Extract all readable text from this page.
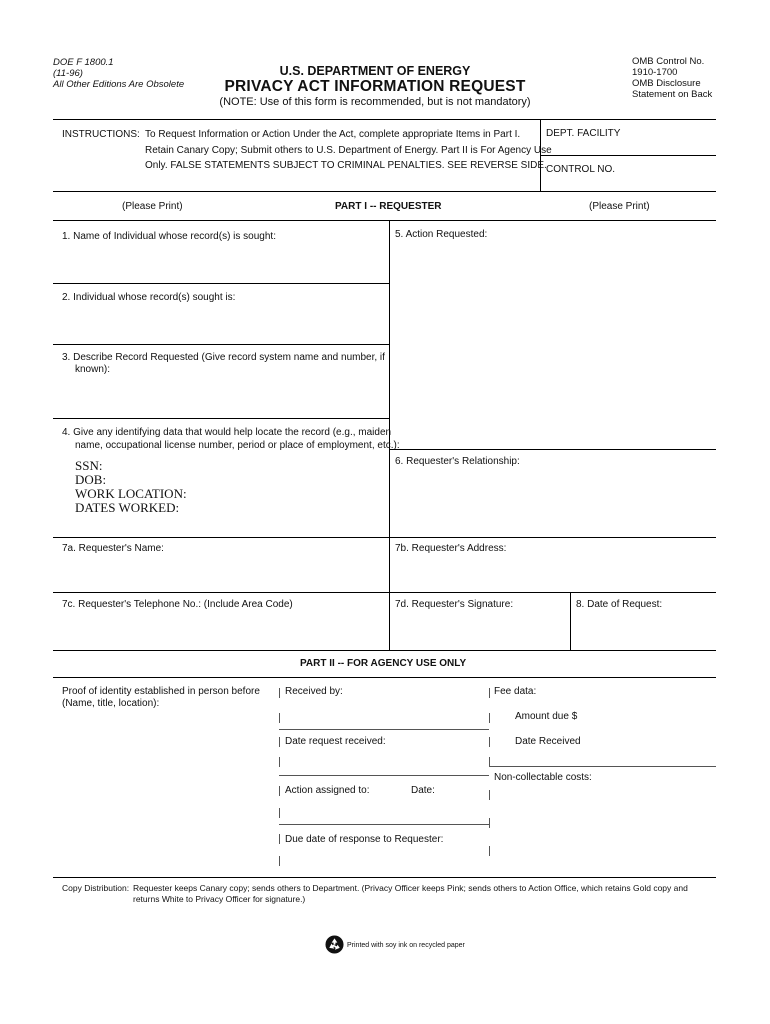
DOE F 1800.1
(11-96)
All Other Editions Are Obsolete
U.S. DEPARTMENT OF ENERGY
PRIVACY ACT INFORMATION REQUEST
(NOTE: Use of this form is recommended, but is not mandatory)
OMB Control No.
1910-1700
OMB Disclosure
Statement on Back
INSTRUCTIONS: To Request Information or Action Under the Act, complete appropriate Items in Part I.
Retain Canary Copy; Submit others to U.S. Department of Energy. Part II is For Agency Use
Only. FALSE STATEMENTS SUBJECT TO CRIMINAL PENALTIES. SEE REVERSE SIDE.
DEPT. FACILITY
CONTROL NO.
(Please Print)	PART I -- REQUESTER	(Please Print)
1. Name of Individual whose record(s) is sought:
2. Individual whose record(s) sought is:
3. Describe Record Requested (Give record system name and number, if
known):
4. Give any identifying data that would help locate the record (e.g., maiden
name, occupational license number, period or place of employment, etc.):
SSN:
DOB:
WORK LOCATION:
DATES WORKED:
5. Action Requested:
6. Requester's Relationship:
7a. Requester's Name:	7b. Requester's Address:
7c. Requester's Telephone No.: (Include Area Code)	7d. Requester's Signature:	8. Date of Request:
PART II -- FOR AGENCY USE ONLY
Proof of identity established in person before
(Name, title, location):
Received by:
Date request received:
Action assigned to:	Date:
Due date of response to Requester:
Fee data:
Amount due $
Date Received
Non-collectable costs:
Copy Distribution: Requester keeps Canary copy; sends others to Department. (Privacy Officer keeps Pink; sends others to Action Office, which retains Gold copy and
returns White to Privacy Officer for signature.)
Printed with soy ink on recycled paper
